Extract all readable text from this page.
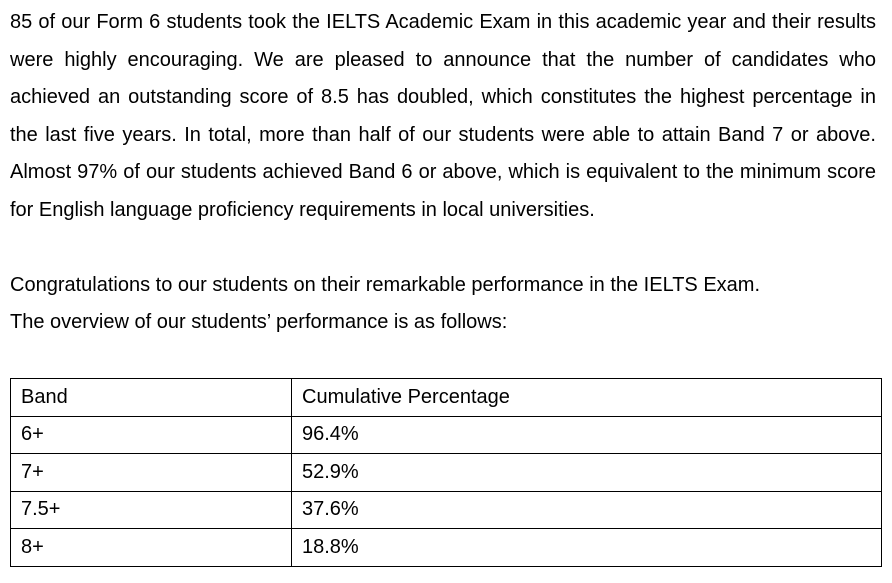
85 of our Form 6 students took the IELTS Academic Exam in this academic year and their results were highly encouraging. We are pleased to announce that the number of candidates who achieved an outstanding score of 8.5 has doubled, which constitutes the highest percentage in the last five years. In total, more than half of our students were able to attain Band 7 or above. Almost 97% of our students achieved Band 6 or above, which is equivalent to the minimum score for English language proficiency requirements in local universities.

Congratulations to our students on their remarkable performance in the IELTS Exam.

The overview of our students’ performance is as follows:

Band	Cumulative Percentage
6+	96.4%
7+	52.9%
7.5+	37.6%
8+	18.8%
